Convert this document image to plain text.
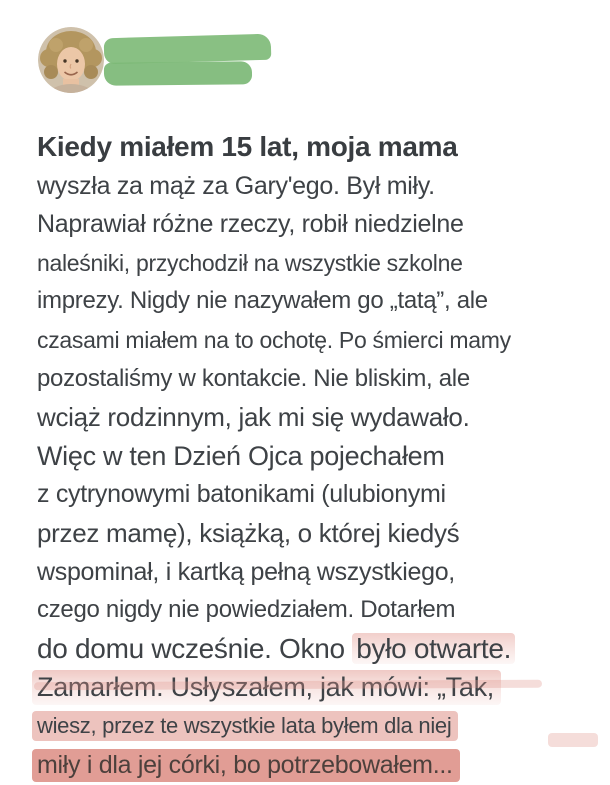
Kiedy miałem 15 lat, moja mama
wyszła za mąż za Gary'ego. Był miły.
Naprawiał różne rzeczy, robił niedzielne
naleśniki, przychodził na wszystkie szkolne
imprezy. Nigdy nie nazywałem go „tatą”, ale
czasami miałem na to ochotę. Po śmierci mamy
pozostaliśmy w kontakcie. Nie bliskim, ale
wciąż rodzinnym, jak mi się wydawało.
Więc w ten Dzień Ojca pojechałem
z cytrynowymi batonikami (ulubionymi
przez mamę), książką, o której kiedyś
wspominał, i kartką pełną wszystkiego,
czego nigdy nie powiedziałem. Dotarłem
do domu wcześnie. Okno było otwarte.
Zamarłem. Usłyszałem, jak mówi: „Tak,
wiesz, przez te wszystkie lata byłem dla niej
miły i dla jej córki, bo potrzebowałem...
